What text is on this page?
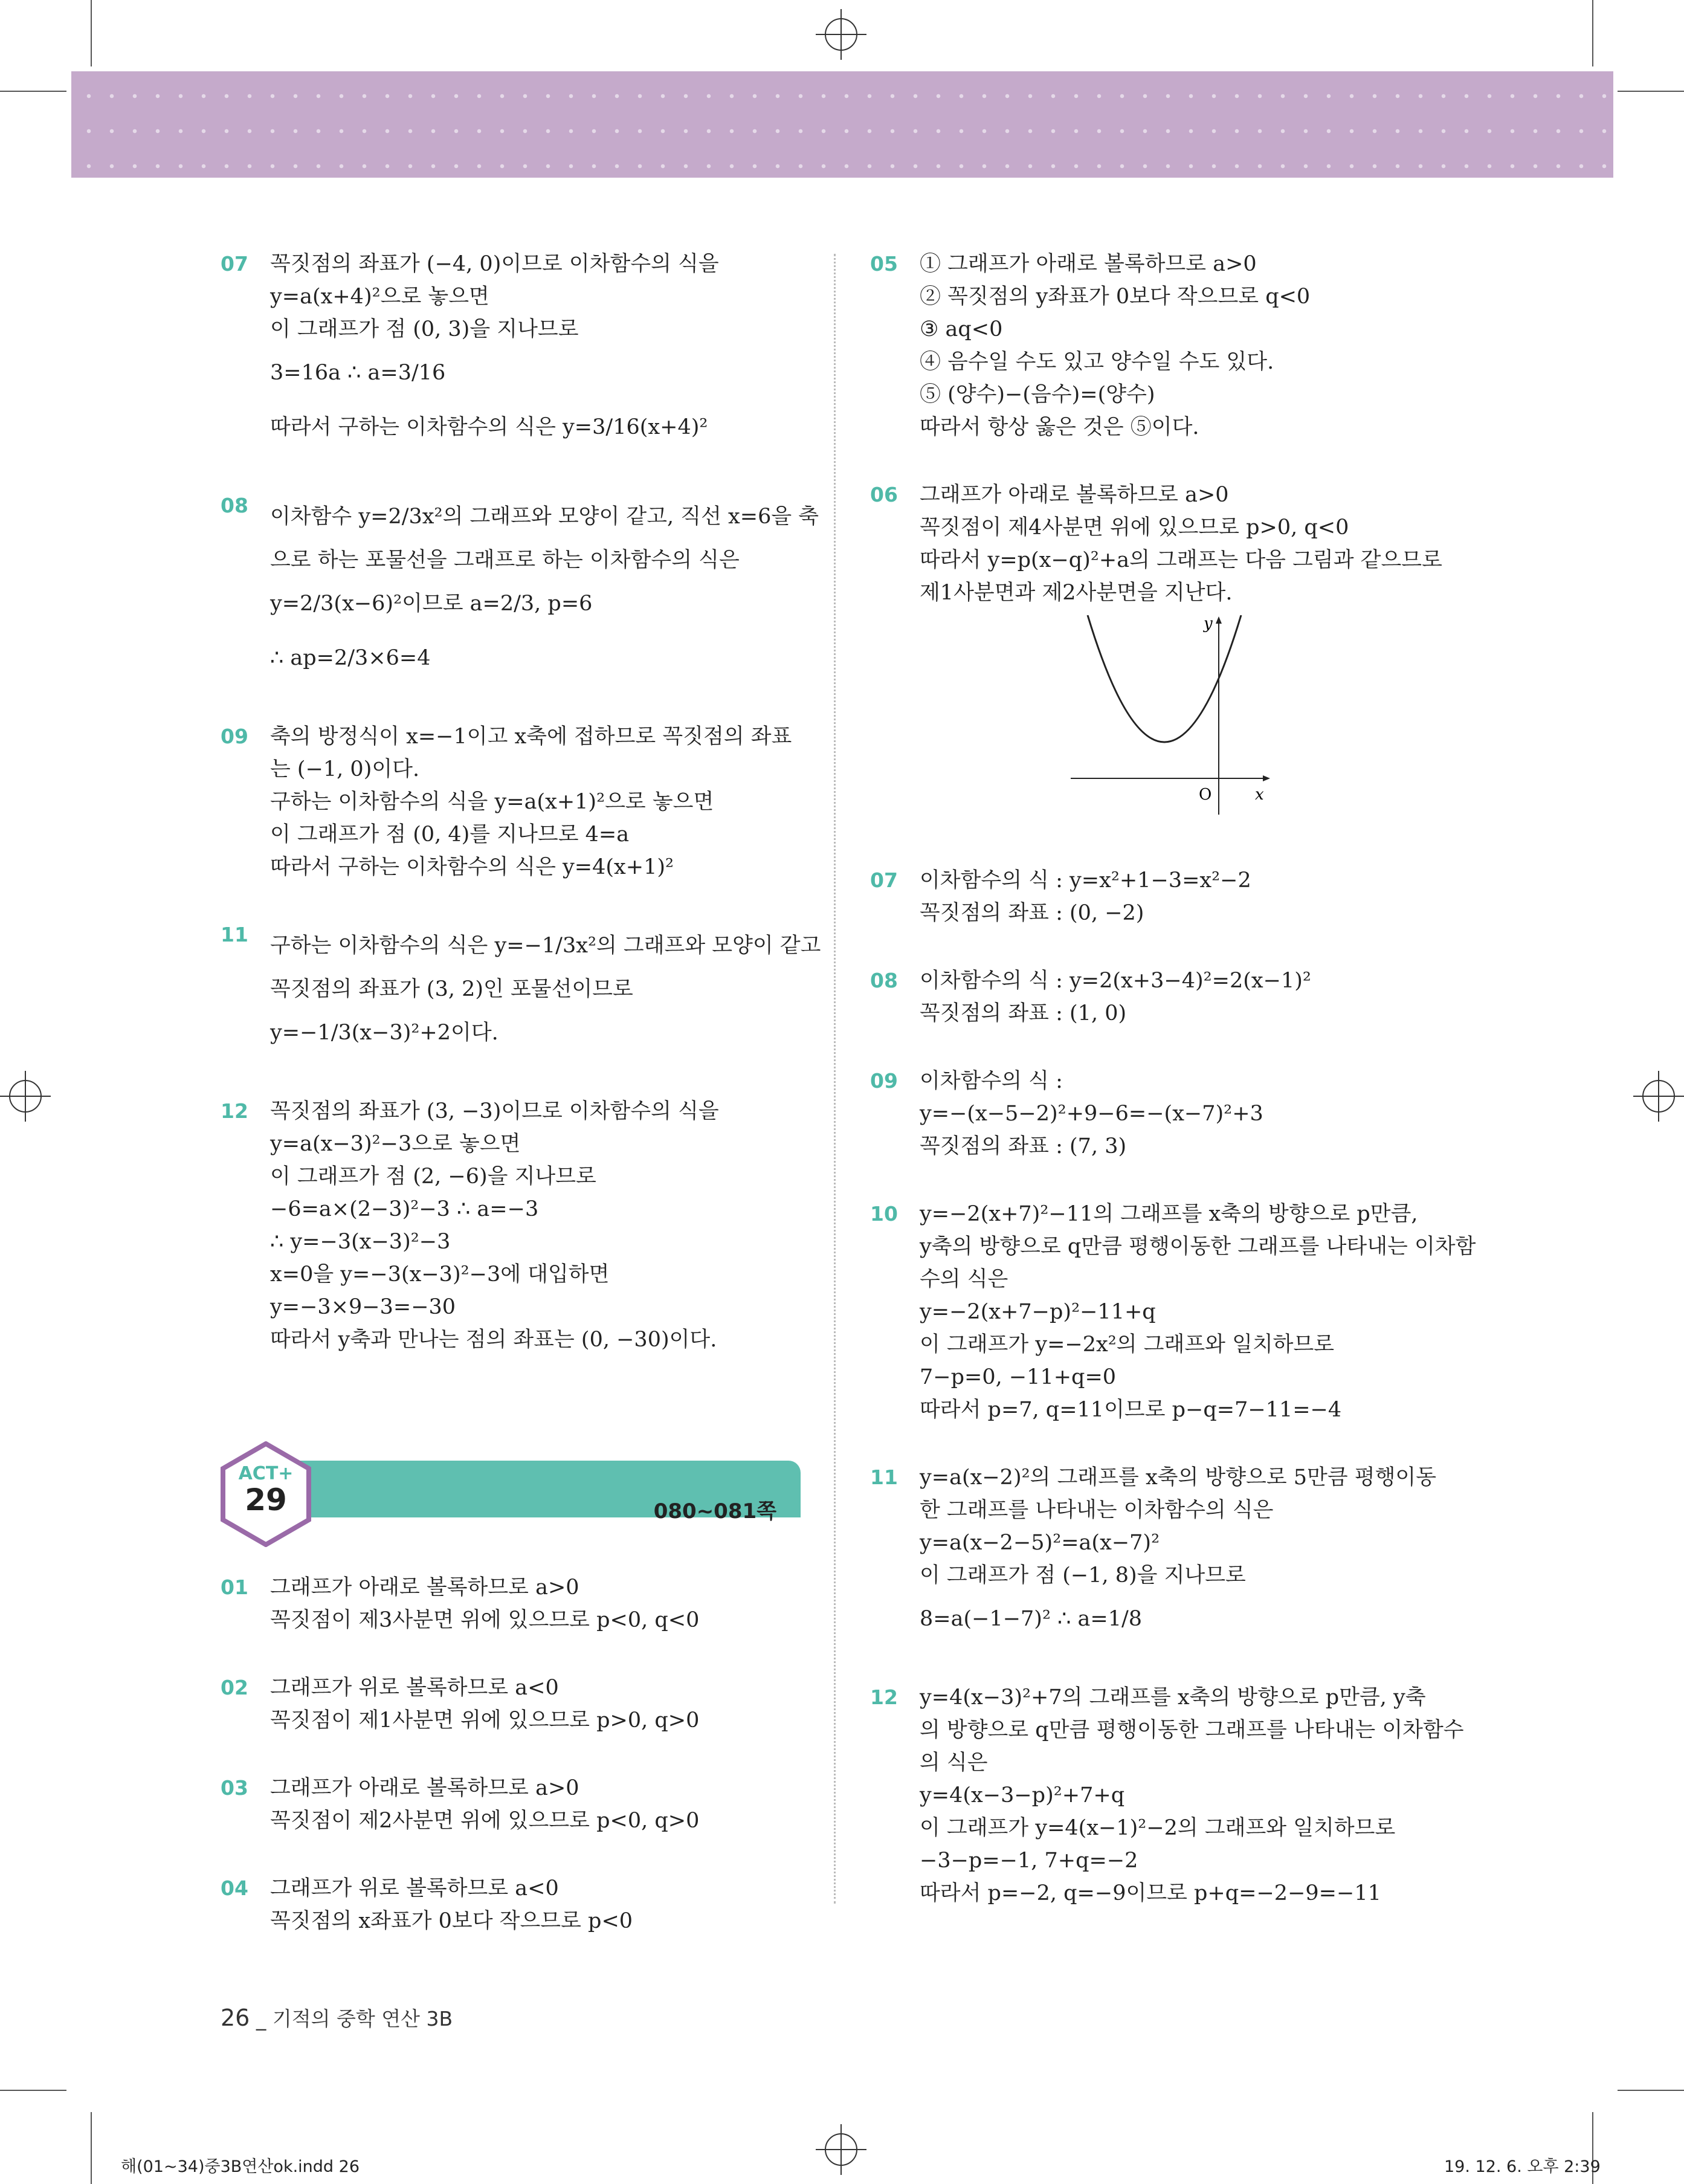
07 꼭짓점의 좌표가 (−4, 0)이므로 이차함수의 식을
y=a(x+4)²으로 놓으면
이 그래프가 점 (0, 3)을 지나므로
3=16a ∴ a=3/16
따라서 구하는 이차함수의 식은 y=3/16(x+4)²
08 이차함수 y=2/3x²의 그래프와 모양이 같고, 직선 x=6을 축
으로 하는 포물선을 그래프로 하는 이차함수의 식은
y=2/3(x−6)²이므로 a=2/3, p=6
∴ ap=2/3×6=4
09 축의 방정식이 x=−1이고 x축에 접하므로 꼭짓점의 좌표
는 (−1, 0)이다.
구하는 이차함수의 식을 y=a(x+1)²으로 놓으면
이 그래프가 점 (0, 4)를 지나므로 4=a
따라서 구하는 이차함수의 식은 y=4(x+1)²
11 구하는 이차함수의 식은 y=−1/3x²의 그래프와 모양이 같고
꼭짓점의 좌표가 (3, 2)인 포물선이므로
y=−1/3(x−3)²+2이다.
12 꼭짓점의 좌표가 (3, −3)이므로 이차함수의 식을
y=a(x−3)²−3으로 놓으면
이 그래프가 점 (2, −6)을 지나므로
−6=a×(2−3)²−3 ∴ a=−3
∴ y=−3(x−3)²−3
x=0을 y=−3(x−3)²−3에 대입하면
y=−3×9−3=−30
따라서 y축과 만나는 점의 좌표는 (0, −30)이다.
080~081쪽
ACT+
29
01 그래프가 아래로 볼록하므로 a>0
꼭짓점이 제3사분면 위에 있으므로 p<0, q<0
02 그래프가 위로 볼록하므로 a<0
꼭짓점이 제1사분면 위에 있으므로 p>0, q>0
03 그래프가 아래로 볼록하므로 a>0
꼭짓점이 제2사분면 위에 있으므로 p<0, q>0
04 그래프가 위로 볼록하므로 a<0
꼭짓점의 x좌표가 0보다 작으므로 p<0
05 ① 그래프가 아래로 볼록하므로 a>0
② 꼭짓점의 y좌표가 0보다 작으므로 q<0
③ aq<0
④ 음수일 수도 있고 양수일 수도 있다.
⑤ (양수)−(음수)=(양수)
따라서 항상 옳은 것은 ⑤이다.
06 그래프가 아래로 볼록하므로 a>0
꼭짓점이 제4사분면 위에 있으므로 p>0, q<0
따라서 y=p(x−q)²+a의 그래프는 다음 그림과 같으므로
제1사분면과 제2사분면을 지난다.
y
x
O
07 이차함수의 식 : y=x²+1−3=x²−2
꼭짓점의 좌표 : (0, −2)
08 이차함수의 식 : y=2(x+3−4)²=2(x−1)²
꼭짓점의 좌표 : (1, 0)
09 이차함수의 식 :
y=−(x−5−2)²+9−6=−(x−7)²+3
꼭짓점의 좌표 : (7, 3)
10 y=−2(x+7)²−11의 그래프를 x축의 방향으로 p만큼,
y축의 방향으로 q만큼 평행이동한 그래프를 나타내는 이차함
수의 식은
y=−2(x+7−p)²−11+q
이 그래프가 y=−2x²의 그래프와 일치하므로
7−p=0, −11+q=0
따라서 p=7, q=11이므로 p−q=7−11=−4
11 y=a(x−2)²의 그래프를 x축의 방향으로 5만큼 평행이동
한 그래프를 나타내는 이차함수의 식은
y=a(x−2−5)²=a(x−7)²
이 그래프가 점 (−1, 8)을 지나므로
8=a(−1−7)² ∴ a=1/8
12 y=4(x−3)²+7의 그래프를 x축의 방향으로 p만큼, y축
의 방향으로 q만큼 평행이동한 그래프를 나타내는 이차함수
의 식은
y=4(x−3−p)²+7+q
이 그래프가 y=4(x−1)²−2의 그래프와 일치하므로
−3−p=−1, 7+q=−2
따라서 p=−2, q=−9이므로 p+q=−2−9=−11
26 _ 기적의 중학 연산 3B
해(01~34)중3B연산ok.indd 26	19. 12. 6. 오후 2:39
